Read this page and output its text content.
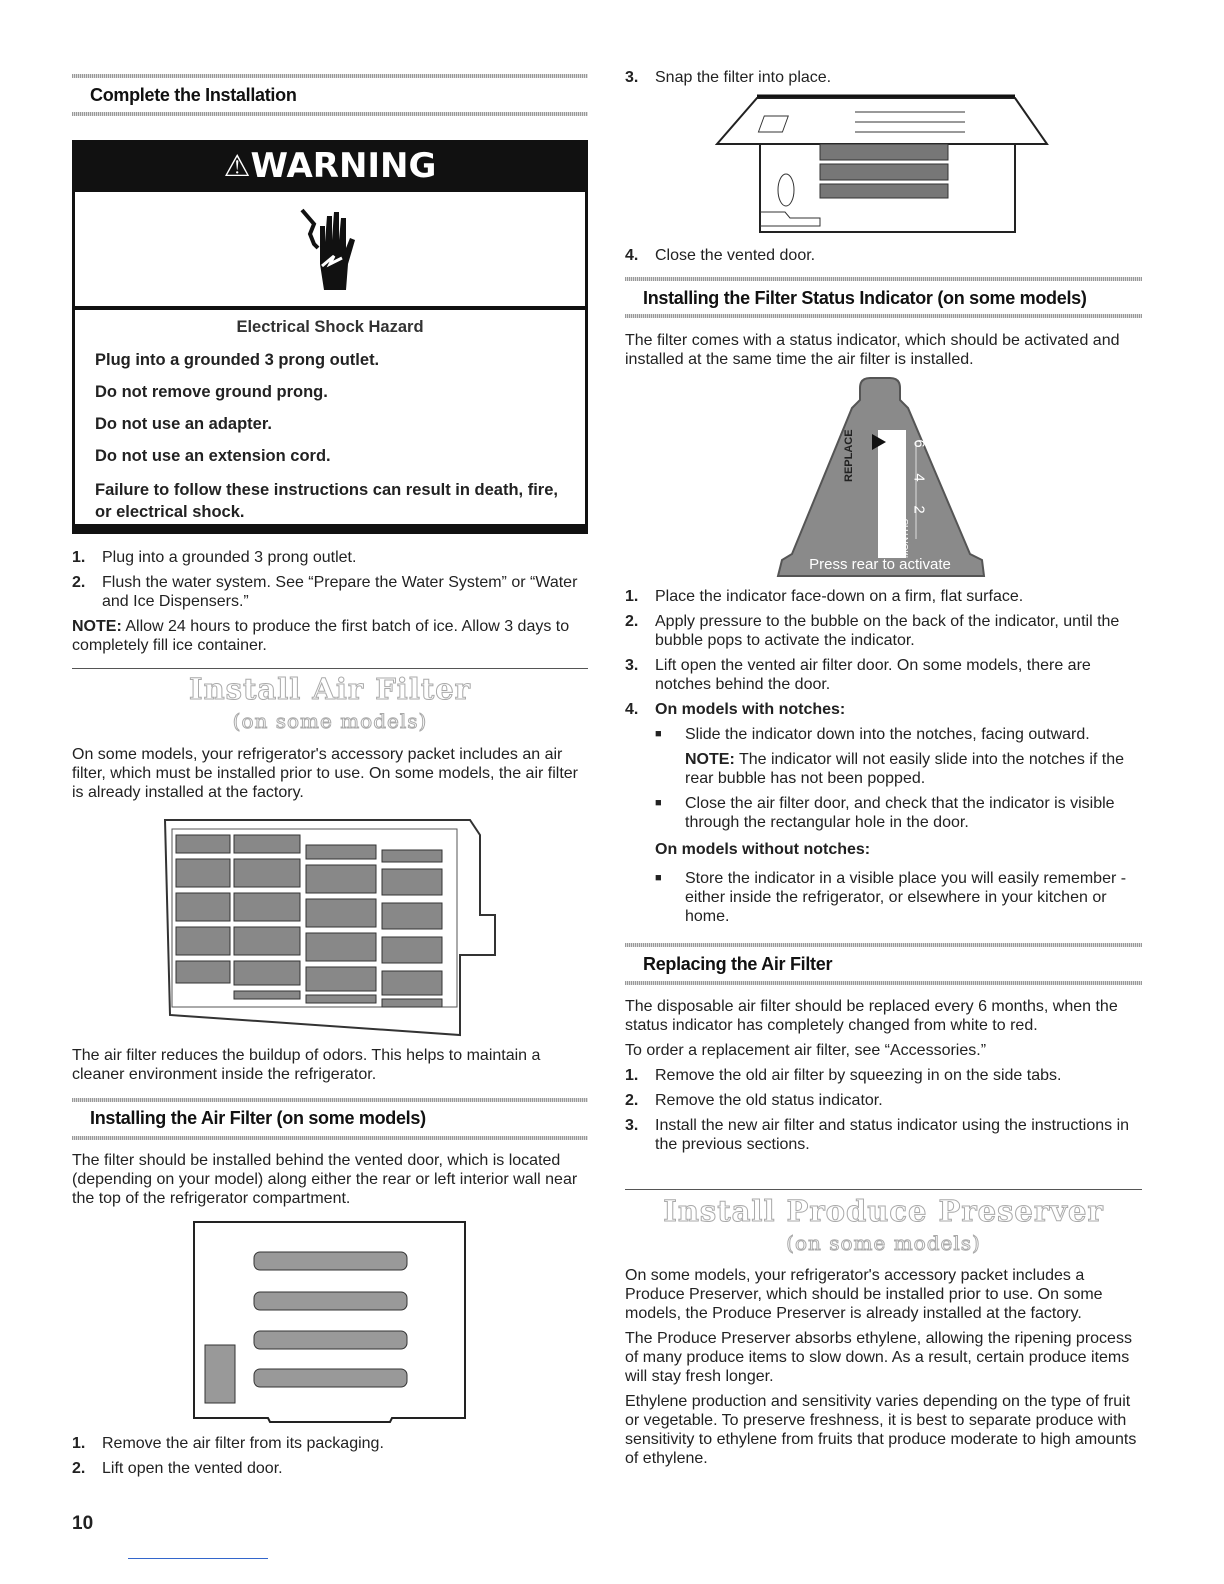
Complete the Installation
⚠ WARNING
Electrical Shock Hazard
Plug into a grounded 3 prong outlet.
Do not remove ground prong.
Do not use an adapter.
Do not use an extension cord.
Failure to follow these instructions can result in death, fire, or electrical shock.
1.	Plug into a grounded 3 prong outlet.
2.	Flush the water system. See “Prepare the Water System” or “Water and Ice Dispensers.”

NOTE: Allow 24 hours to produce the first batch of ice. Allow 3 days to completely fill ice container.

Install Air Filter
(on some models)
On some models, your refrigerator's accessory packet includes an air filter, which must be installed prior to use. On some models, the air filter is already installed at the factory.
The air filter reduces the buildup of odors. This helps to maintain a cleaner environment inside the refrigerator.
Installing the Air Filter (on some models)
The filter should be installed behind the vented door, which is located (depending on your model) along either the rear or left interior wall near the top of the refrigerator compartment.
1.	Remove the air filter from its packaging.
2.	Lift open the vented door.
10
3.	Snap the filter into place.
4.	Close the vented door.
Installing the Filter Status Indicator (on some models)
The filter comes with a status indicator, which should be activated and installed at the same time the air filter is installed.
REPLACE	6
4
2
MONTHS
Press rear to activate
1.	Place the indicator face-down on a firm, flat surface.
2.	Apply pressure to the bubble on the back of the indicator, until the bubble pops to activate the indicator.
3.	Lift open the vented air filter door. On some models, there are notches behind the door.
4.	On models with notches:
■	Slide the indicator down into the notches, facing outward.

NOTE: The indicator will not easily slide into the notches if the rear bubble has not been popped.

■	Close the air filter door, and check that the indicator is visible through the rectangular hole in the door.

On models without notches:

■	Store the indicator in a visible place you will easily remember - either inside the refrigerator, or elsewhere in your kitchen or home.
Replacing the Air Filter

The disposable air filter should be replaced every 6 months, when the status indicator has completely changed from white to red.

To order a replacement air filter, see “Accessories.”

1.	Remove the old air filter by squeezing in on the side tabs.
2.	Remove the old status indicator.
3.	Install the new air filter and status indicator using the instructions in the previous sections.
Install Produce Preserver
(on some models)

On some models, your refrigerator's accessory packet includes a Produce Preserver, which should be installed prior to use. On some models, the Produce Preserver is already installed at the factory.

The Produce Preserver absorbs ethylene, allowing the ripening process of many produce items to slow down. As a result, certain produce items will stay fresh longer.

Ethylene production and sensitivity varies depending on the type of fruit or vegetable. To preserve freshness, it is best to separate produce with sensitivity to ethylene from fruits that produce moderate to high amounts of ethylene.
